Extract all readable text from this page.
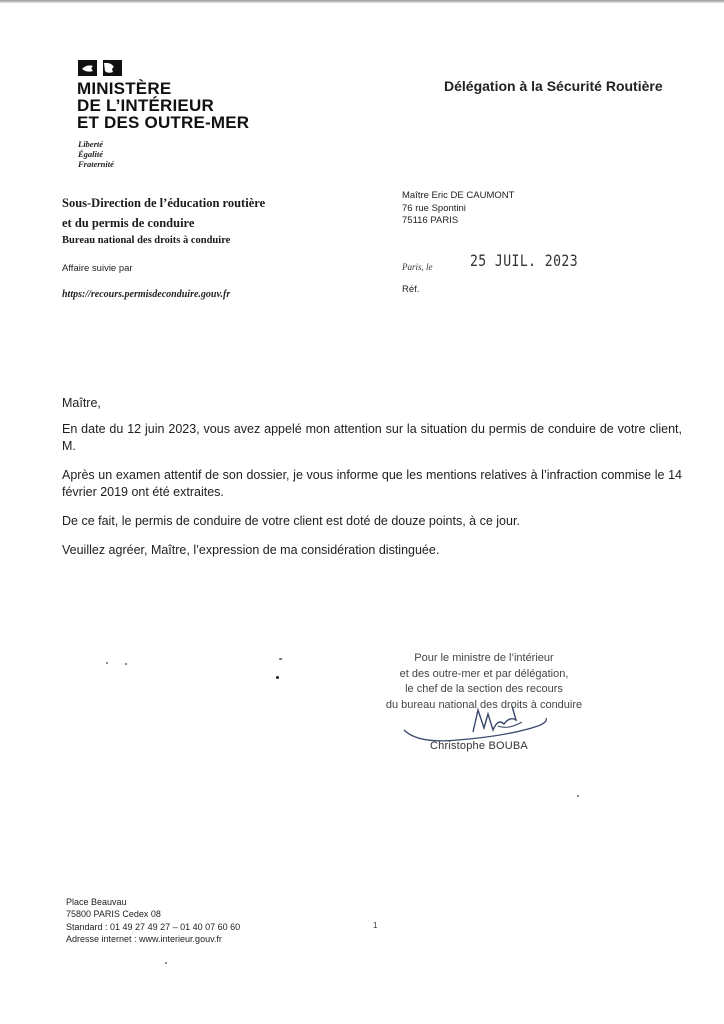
MINISTÈRE
DE L’INTÉRIEUR
ET DES OUTRE-MER
Liberté
Égalité
Fraternité
Délégation à la Sécurité Routière
Sous-Direction de l’éducation routière
et du permis de conduire
Bureau national des droits à conduire
Affaire suivie par
https://recours.permisdeconduire.gouv.fr
Maître Eric DE CAUMONT
76 rue Spontini
75116 PARIS
Paris, le 25 JUIL. 2023
Réf.

Maître,

En date du 12 juin 2023, vous avez appelé mon attention sur la situation du permis de conduire de votre client, M.

Après un examen attentif de son dossier, je vous informe que les mentions relatives à l’infraction commise le 14 février 2019 ont été extraites.

De ce fait, le permis de conduire de votre client est doté de douze points, à ce jour.

Veuillez agréer, Maître, l’expression de ma considération distinguée.

Pour le ministre de l’intérieur
et des outre-mer et par délégation,
le chef de la section des recours
du bureau national des droits à conduire
Christophe BOUBA
Place Beauvau
75800 PARIS Cedex 08
Standard : 01 49 27 49 27 – 01 40 07 60 60
Adresse internet : www.interieur.gouv.fr
1
